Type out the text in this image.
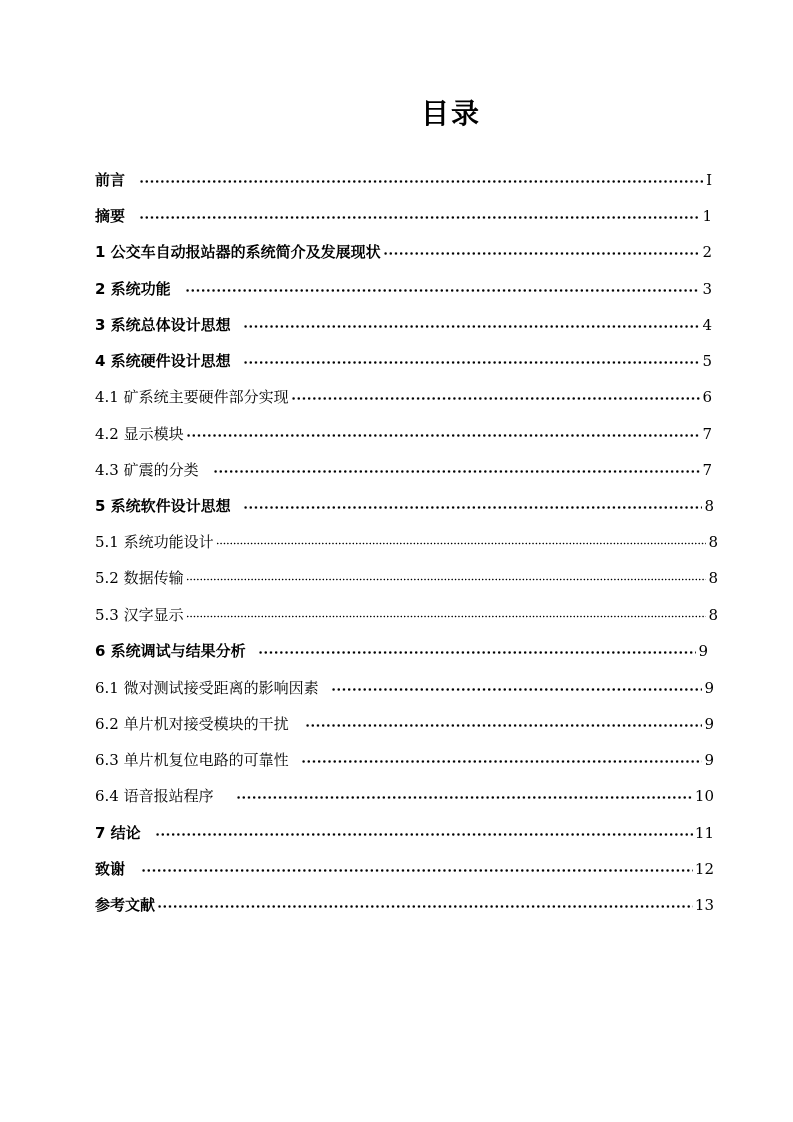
目录
前言	I
摘要	1
1 公交车自动报站器的系统简介及发展现状	2
2 系统功能	3
3 系统总体设计思想	4
4 系统硬件设计思想	5
4.1 矿系统主要硬件部分实现	6
4.2 显示模块	7
4.3 矿震的分类	7
5 系统软件设计思想	8
5.1 系统功能设计	8
5.2 数据传输	8
5.3 汉字显示	8
6 系统调试与结果分析	9
6.1 微对测试接受距离的影响因素	9
6.2 单片机对接受模块的干扰	9
6.3 单片机复位电路的可靠性	9
6.4 语音报站程序	10
7 结论	11
致谢	12
参考文献	13
